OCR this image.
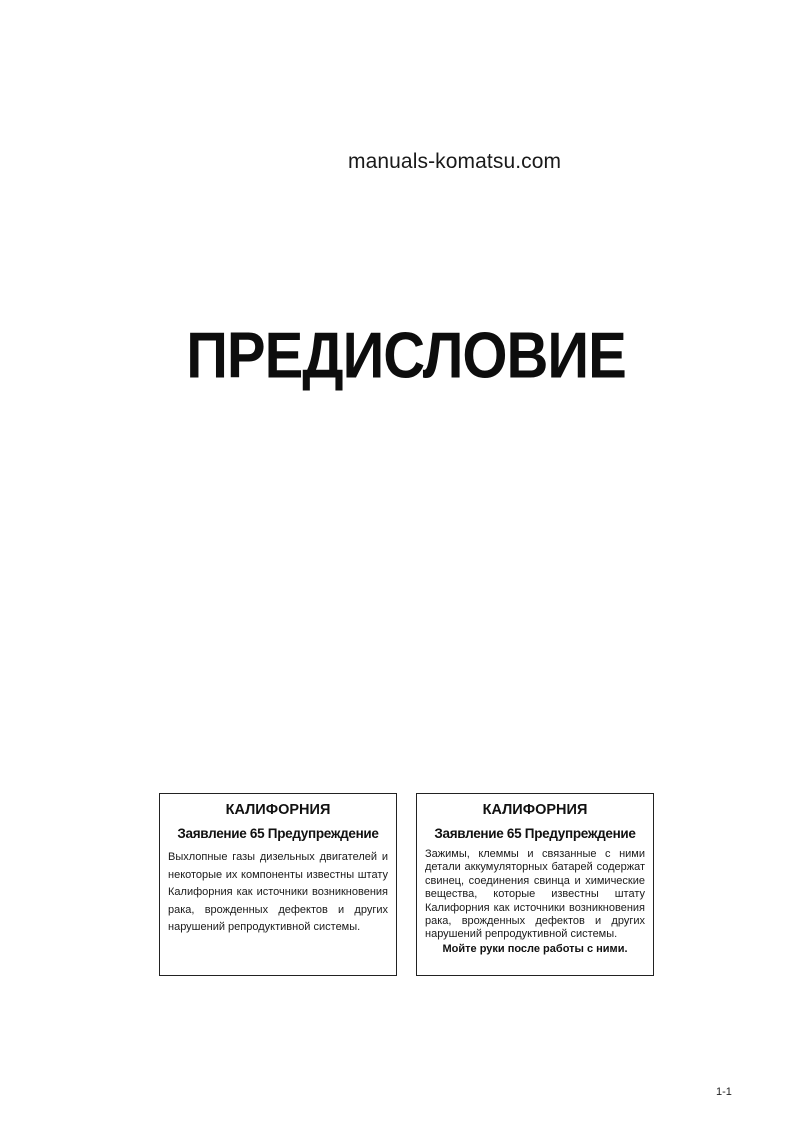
manuals-komatsu.com
ПРЕДИСЛОВИЕ
КАЛИФОРНИЯ
Заявление 65 Предупреждение
Выхлопные газы дизельных двигателей и некоторые их компоненты известны штату Калифорния как источники возникновения рака, врожденных дефектов и других нарушений репродуктивной системы.
КАЛИФОРНИЯ
Заявление 65 Предупреждение
Зажимы, клеммы и связанные с ними детали аккумуляторных батарей содержат свинец, соединения свинца и химические вещества, которые известны штату Калифорния как источники возникновения рака, врожденных дефектов и других нарушений репродуктивной системы.
Мойте руки после работы с ними.
1-1
